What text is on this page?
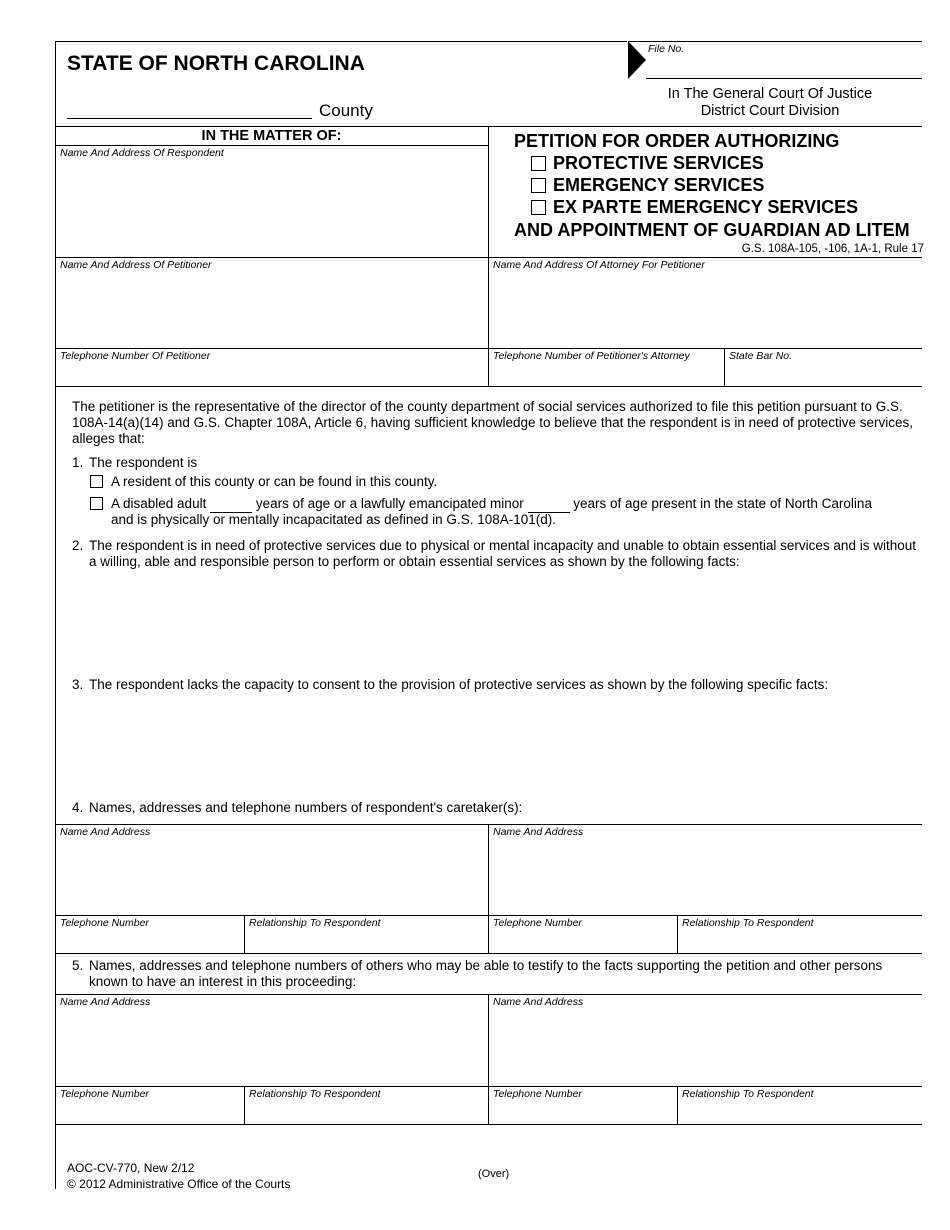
STATE OF NORTH CAROLINA
File No.
In The General Court Of Justice
District Court Division
County
IN THE MATTER OF:
Name And Address Of Respondent
PETITION FOR ORDER AUTHORIZING
PROTECTIVE SERVICES
EMERGENCY SERVICES
EX PARTE EMERGENCY SERVICES
AND APPOINTMENT OF GUARDIAN AD LITEM
G.S. 108A-105, -106, 1A-1, Rule 17
Name And Address Of Petitioner	Name And Address Of Attorney For Petitioner
Telephone Number Of Petitioner	Telephone Number of Petitioner's Attorney	State Bar No.
The petitioner is the representative of the director of the county department of social services authorized to file this petition pursuant to G.S. 108A-14(a)(14) and G.S. Chapter 108A, Article 6, having sufficient knowledge to believe that the respondent is in need of protective services, alleges that:
1. The respondent is
A resident of this county or can be found in this county.
A disabled adult	years of age or a lawfully emancipated minor	years of age present in the state of North Carolina
and is physically or mentally incapacitated as defined in G.S. 108A-101(d).
2. The respondent is in need of protective services due to physical or mental incapacity and unable to obtain essential services and is without a willing, able and responsible person to perform or obtain essential services as shown by the following facts:
3. The respondent lacks the capacity to consent to the provision of protective services as shown by the following specific facts:
4. Names, addresses and telephone numbers of respondent's caretaker(s):
Name And Address	Name And Address
Telephone Number	Relationship To Respondent	Telephone Number	Relationship To Respondent
5. Names, addresses and telephone numbers of others who may be able to testify to the facts supporting the petition and other persons known to have an interest in this proceeding:
Name And Address	Name And Address
Telephone Number	Relationship To Respondent	Telephone Number	Relationship To Respondent
AOC-CV-770, New 2/12
© 2012 Administrative Office of the Courts
(Over)
